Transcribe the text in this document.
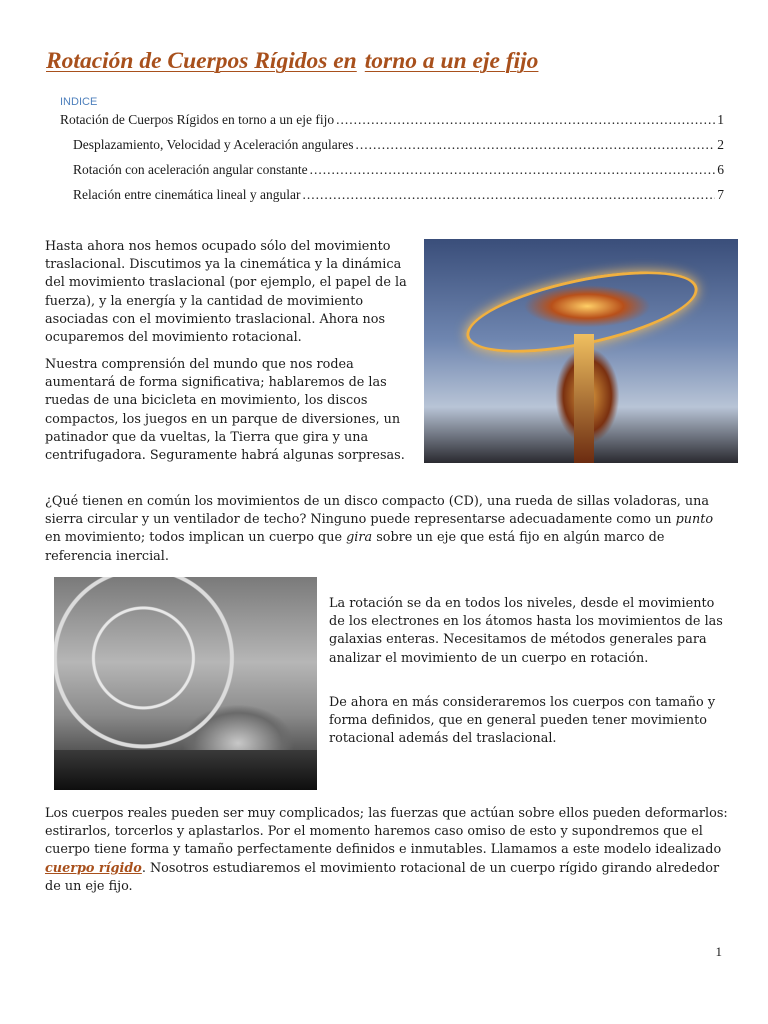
Rotación de Cuerpos Rígidos en torno a un eje fijo
INDICE
Rotación de Cuerpos Rígidos en torno a un eje fijo .....	1
Desplazamiento, Velocidad y Aceleración angulares .....	2
Rotación con aceleración angular constante .....	6
Relación entre cinemática lineal y angular .....	7

Hasta ahora nos hemos ocupado sólo del movimiento traslacional. Discutimos ya la cinemática y la dinámica del movimiento traslacional (por ejemplo, el papel de la fuerza), y la energía y la cantidad de movimiento asociadas con el movimiento traslacional. Ahora nos ocuparemos del movimiento rotacional.

Nuestra comprensión del mundo que nos rodea aumentará de forma significativa; hablaremos de las ruedas de una bicicleta en movimiento, los discos compactos, los juegos en un parque de diversiones, un patinador que da vueltas, la Tierra que gira y una centrifugadora. Seguramente habrá algunas sorpresas.

¿Qué tienen en común los movimientos de un disco compacto (CD), una rueda de sillas voladoras, una sierra circular y un ventilador de techo? Ninguno puede representarse adecuadamente como un punto en movimiento; todos implican un cuerpo que gira sobre un eje que está fijo en algún marco de referencia inercial.

La rotación se da en todos los niveles, desde el movimiento de los electrones en los átomos hasta los movimientos de las galaxias enteras. Necesitamos de métodos generales para analizar el movimiento de un cuerpo en rotación.

De ahora en más consideraremos los cuerpos con tamaño y forma definidos, que en general pueden tener movimiento rotacional además del traslacional.

Los cuerpos reales pueden ser muy complicados; las fuerzas que actúan sobre ellos pueden deformarlos: estirarlos, torcerlos y aplastarlos. Por el momento haremos caso omiso de esto y supondremos que el cuerpo tiene forma y tamaño perfectamente definidos e inmutables. Llamamos a este modelo idealizado cuerpo rígido. Nosotros estudiaremos el movimiento rotacional de un cuerpo rígido girando alrededor de un eje fijo.

1
